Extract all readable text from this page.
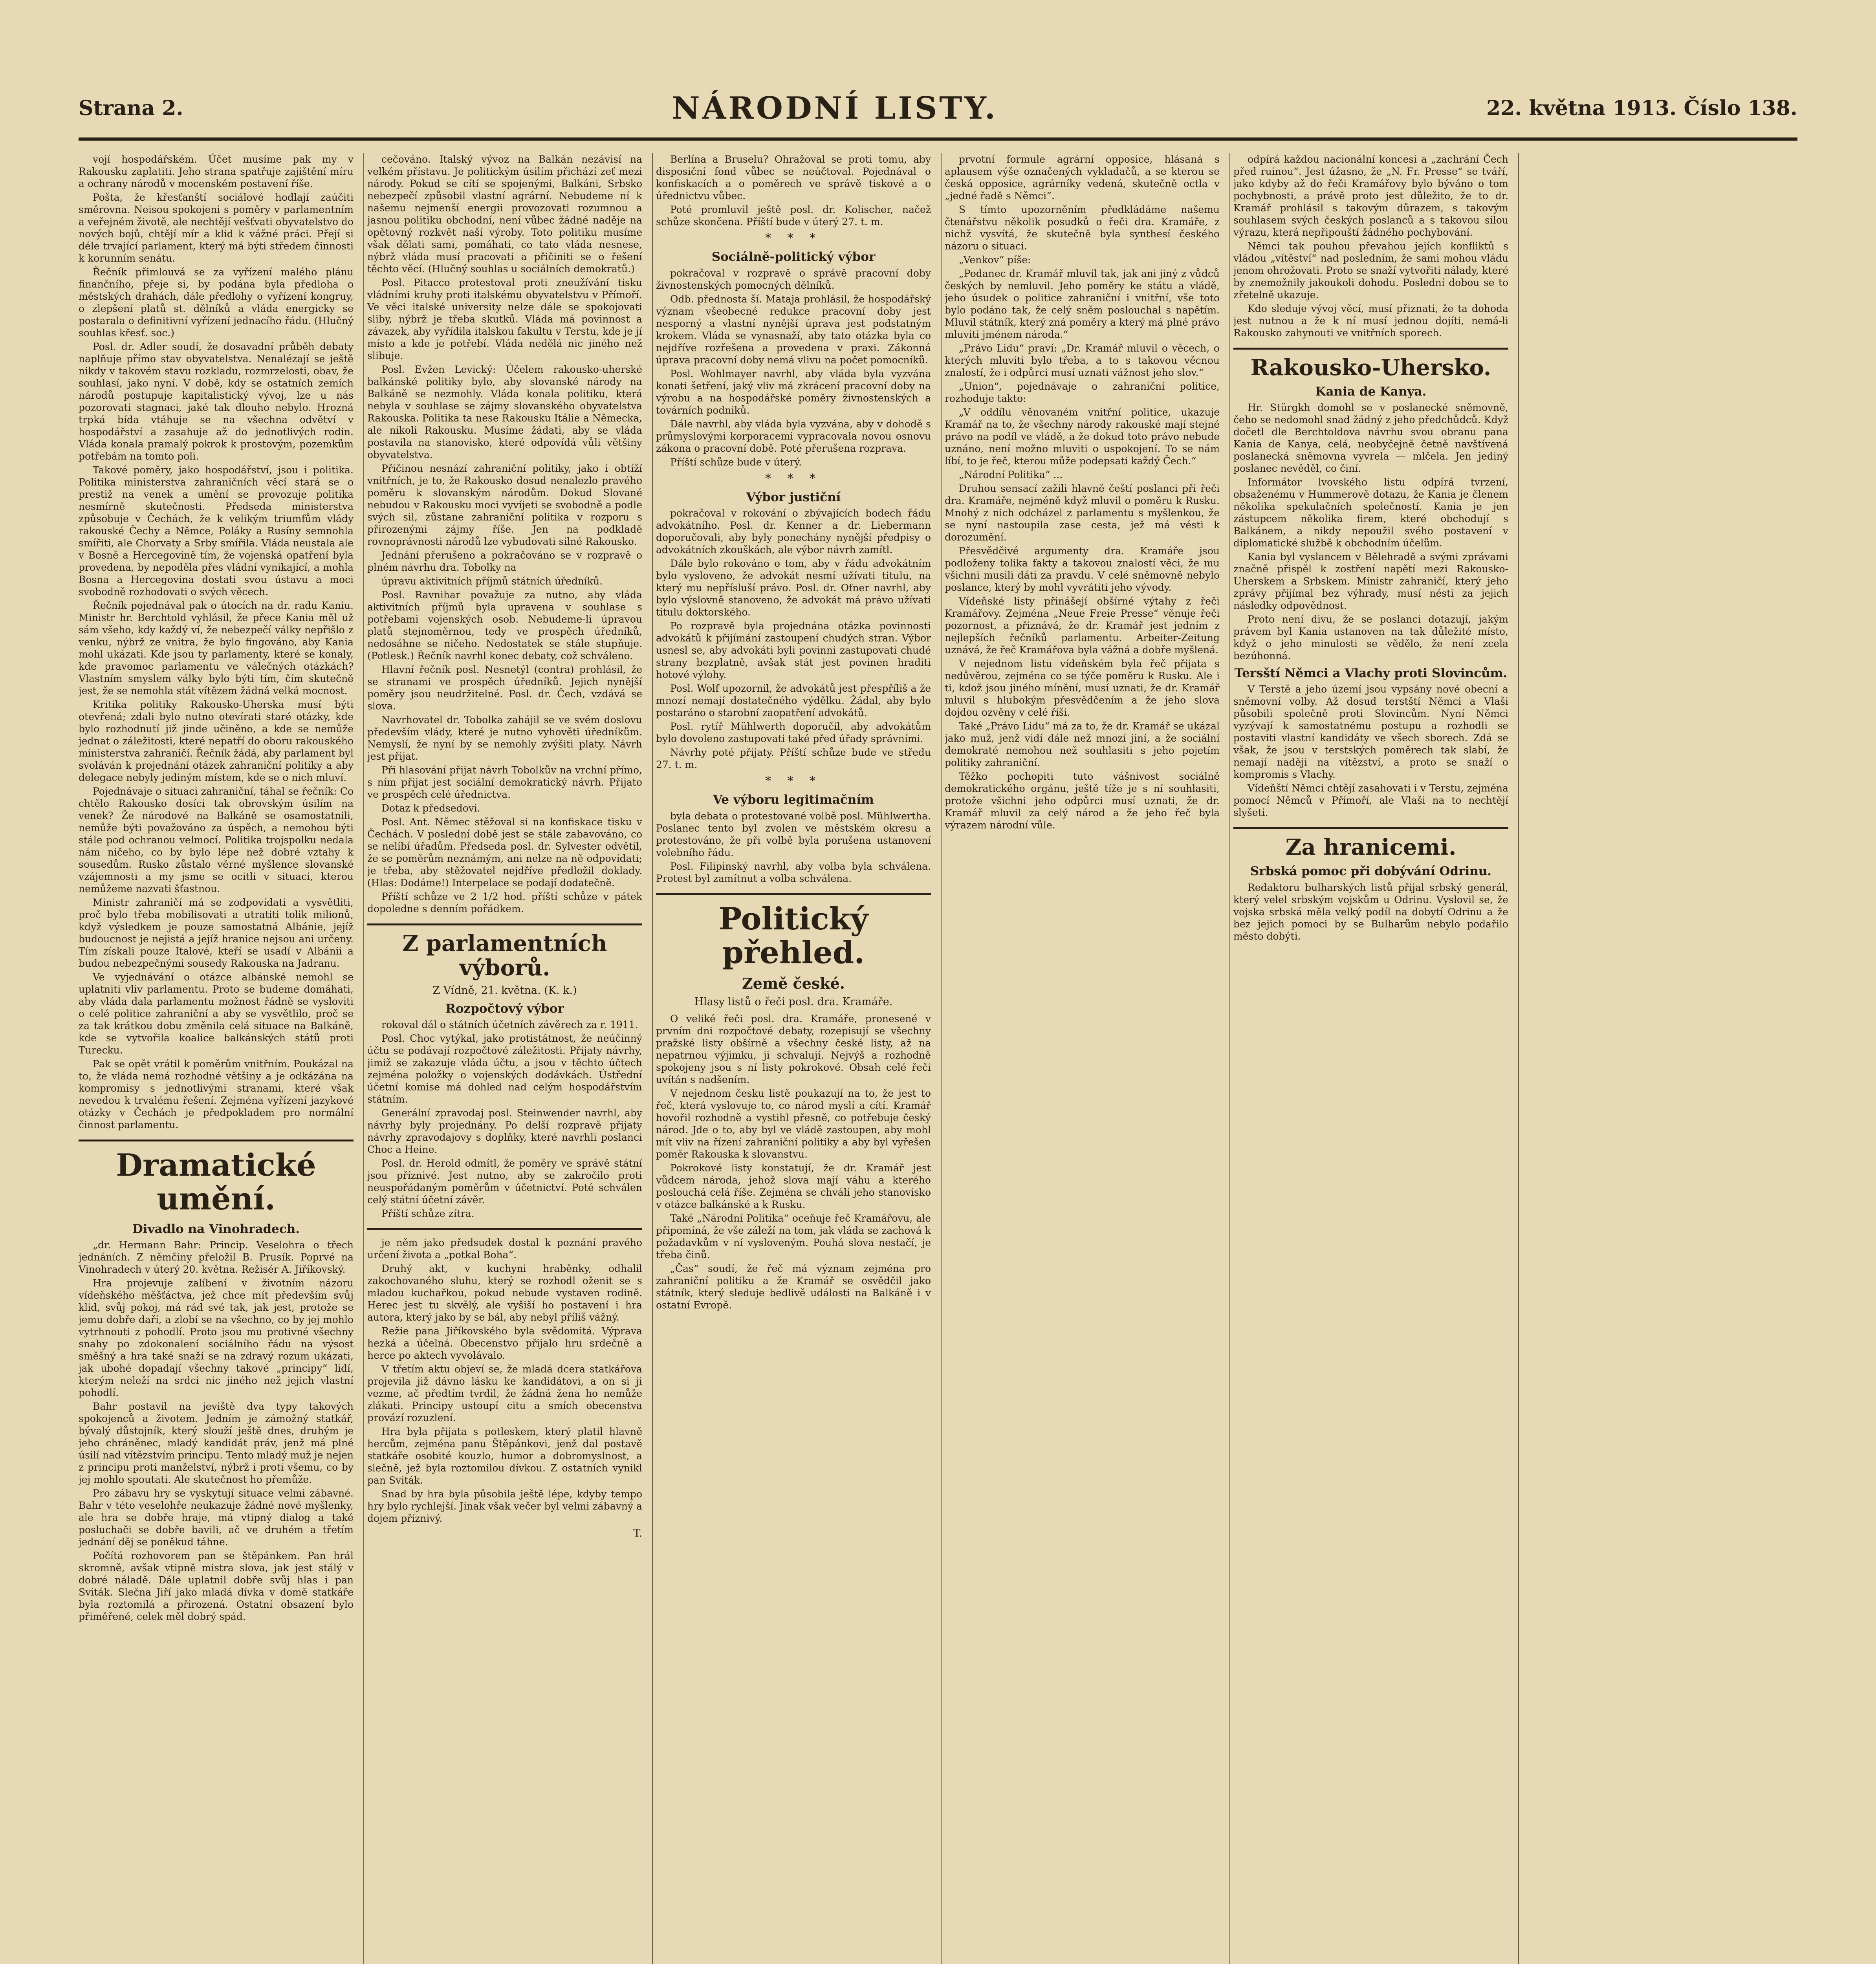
Strana 2.	NÁRODNÍ LISTY.	22. května 1913. Číslo 138.

vojí hospodářském. Účet musíme pak my v Rakousku zaplatiti. Jeho strana spatřuje zajištění míru a ochrany národů v mocenském postavení říše.

Pošta, že křesťanští sociálové hodlají zaúčiti směrovna. Neisou spokojeni s poměry v parlamentním a veřejném životě, ale nechtějí vešťvati obyvatelstvo do nových bojů, chtějí mír a klid k vážné práci. Přejí si déle trvající parlament, který má býti středem činnosti k korunním senátu.

Řečník přimlouvá se za vyřízení malého plánu finančního, přeje si, by podána byla předloha o městských drahách, dále předlohy o vyřízení kongruy, o zlepšení platů st. dělníků a vláda energicky se postarala o definitivní vyřízení jednacího řádu. (Hlučný souhlas křesť. soc.)

Posl. dr. Adler soudí, že dosavadní průběh debaty naplňuje přímo stav obyvatelstva. Nenalézají se ještě nikdy v takovém stavu rozkladu, rozmrzelosti, obav, že souhlasí, jako nyní. V době, kdy se ostatních zemích národů postupuje kapitalistický vývoj, lze u nás pozorovati stagnaci, jaké tak dlouho nebylo. Hrozná trpká bída vtáhuje se na všechna odvětví v hospodářství a zasahuje až do jednotlivých rodin. Vláda konala pramalý pokrok k prostovým, pozemkům potřebám na tomto poli.

Takové poměry, jako hospodářství, jsou i politika. Politika ministerstva zahraničních věcí stará se o prestiž na venek a umění se provozuje politika nesmírně skutečnosti. Předseda ministerstva způsobuje v Čechách, že k velikým triumfům vlády rakouské Čechy a Němce, Poláky a Rusíny semnohla smířiti, ale Chorvaty a Srby smířila. Vláda neustala ale v Bosně a Hercegovině tím, že vojenská opatření byla provedena, by nepoděla přes vládní vynikající, a mohla Bosna a Hercegovina dostati svou ústavu a moci svobodně rozhodovati o svých věcech.

Řečník pojednával pak o útocích na dr. radu Kaniu. Ministr hr. Berchtold vyhlásil, že přece Kania měl už sám všeho, kdy každý ví, že nebezpečí války nepřišlo z venku, nýbrž ze vnitra, že bylo fingováno, aby Kania mohl ukázati. Kde jsou ty parlamenty, které se konaly, kde pravomoc parlamentu ve válečných otázkách? Vlastním smyslem války bylo býti tím, čím skutečně jest, že se nemohla stát vítězem žádná velká mocnost.

Kritika politiky Rakousko-Uherska musí býti otevřená; zdali bylo nutno otevírati staré otázky, kde bylo rozhodnutí již jinde učiněno, a kde se nemůže jednat o záležitosti, které nepatří do oboru rakouského ministerstva zahraničí. Řečník žádá, aby parlament byl svoláván k projednání otázek zahraniční politiky a aby delegace nebyly jediným místem, kde se o nich mluví.

Pojednávaje o situaci zahraniční, táhal se řečník: Co chtělo Rakousko dosíci tak obrovským úsilím na venek? Že národové na Balkáně se osamostatnili, nemůže býti považováno za úspěch, a nemohou býti stále pod ochranou velmocí. Politika trojspolku nedala nám ničeho, co by bylo lépe než dobré vztahy k sousedům. Rusko zůstalo věrné myšlence slovanské vzájemnosti a my jsme se ocitli v situaci, kterou nemůžeme nazvati šťastnou.

Ministr zahraničí má se zodpovídati a vysvětliti, proč bylo třeba mobilisovati a utratiti tolik milionů, když výsledkem je pouze samostatná Albánie, jejíž budoucnost je nejistá a jejíž hranice nejsou ani určeny. Tím získali pouze Italové, kteří se usadí v Albánii a budou nebezpečnými sousedy Rakouska na Jadranu.

Ve vyjednávání o otázce albánské nemohl se uplatniti vliv parlamentu. Proto se budeme domáhati, aby vláda dala parlamentu možnost řádně se vysloviti o celé politice zahraniční a aby se vysvětlilo, proč se za tak krátkou dobu změnila celá situace na Balkáně, kde se vytvořila koalice balkánských států proti Turecku.

Pak se opět vrátil k poměrům vnitřním. Poukázal na to, že vláda nemá rozhodné většiny a je odkázána na kompromisy s jednotlivými stranami, které však nevedou k trvalému řešení. Zejména vyřízení jazykové otázky v Čechách je předpokladem pro normální činnost parlamentu.

Dramatické umění.
Divadlo na Vinohradech.

„dr. Hermann Bahr: Princip. Veselohra o třech jednáních. Z němčiny přeložil B. Prusík. Poprvé na Vinohradech v úterý 20. května. Režisér A. Jiříkovský.

Hra projevuje zalíbení v životním názoru vídeňského měšťáctva, jež chce mít především svůj klid, svůj pokoj, má rád své tak, jak jest, protože se jemu dobře daří, a zlobí se na všechno, co by jej mohlo vytrhnouti z pohodlí. Proto jsou mu protivné všechny snahy po zdokonalení sociálního řádu na výsost směšný a hra také snaží se na zdravý rozum ukázati, jak ubohé dopadají všechny takové „principy“ lidí, kterým neleží na srdci nic jiného než jejich vlastní pohodlí.

Bahr postavil na jeviště dva typy takových spokojenců a životem. Jedním je zámožný statkář, bývalý důstojník, který slouží ještě dnes, druhým je jeho chráněnec, mladý kandidát práv, jenž má plné úsilí nad vítězstvím principu. Tento mladý muž je nejen z principu proti manželství, nýbrž i proti všemu, co by jej mohlo spoutati. Ale skutečnost ho přemůže.

Pro zábavu hry se vyskytují situace velmi zábavné. Bahr v této veselohře neukazuje žádné nové myšlenky, ale hra se dobře hraje, má vtipný dialog a také posluchači se dobře bavili, ač ve druhém a třetím jednání děj se poněkud táhne.

Počítá rozhovorem pan se štěpánkem. Pan hrál skromně, avšak vtipně mistra slova, jak jest stálý v dobré náladě. Dále uplatnil dobře svůj hlas i pan Sviták. Slečna Jiří jako mladá dívka v domě statkáře byla roztomilá a přirozená. Ostatní obsazení bylo přiměřené, celek měl dobrý spád.

cečováno. Italský vývoz na Balkán nezávisí na velkém přístavu. Je politickým úsilím přichází zeť mezi národy. Pokud se cítí se spojenými, Balkáni, Srbsko nebezpečí způsobil vlastní agrární. Nebudeme ní k našemu nejmenší energii provozovati rozumnou a jasnou politiku obchodní, není vůbec žádné naděje na opětovný rozkvět naší výroby. Toto politiku musíme však dělati sami, pomáhati, co tato vláda nesnese, nýbrž vláda musí pracovati a přičiniti se o řešení těchto věcí. (Hlučný souhlas u sociálních demokratů.)

Posl. Pitacco protestoval proti zneužívání tisku vládními kruhy proti italskému obyvatelstvu v Přímoří. Ve věci italské university nelze dále se spokojovati sliby, nýbrž je třeba skutků. Vláda má povinnost a závazek, aby vyřídila italskou fakultu v Terstu, kde je jí místo a kde je potřebí. Vláda nedělá nic jiného než slibuje.

Posl. Evžen Levický: Účelem rakousko-uherské balkánské politiky bylo, aby slovanské národy na Balkáně se nezmohly. Vláda konala politiku, která nebyla v souhlase se zájmy slovanského obyvatelstva Rakouska. Politika ta nese Rakousku Itálie a Německa, ale nikoli Rakousku. Musíme žádati, aby se vláda postavila na stanovisko, které odpovídá vůli většiny obyvatelstva.

Přičinou nesnází zahraniční politiky, jako i obtíží vnitřních, je to, že Rakousko dosud nenalezlo pravého poměru k slovanským národům. Dokud Slované nebudou v Rakousku moci vyvíjeti se svobodně a podle svých sil, zůstane zahraniční politika v rozporu s přirozenými zájmy říše. Jen na podkladě rovnoprávnosti národů lze vybudovati silné Rakousko.

Jednání přerušeno a pokračováno se v rozpravě o plném návrhu dra. Tobolky na

úpravu aktivitních příjmů státních úředníků.

Posl. Ravnihar považuje za nutno, aby vláda aktivitních příjmů byla upravena v souhlase s potřebami vojenských osob. Nebudeme-li úpravou platů stejnoměrnou, tedy ve prospěch úředníků, nedosáhne se ničeho. Nedostatek se stále stupňuje. (Potlesk.) Řečník navrhl konec debaty, což schváleno.

Hlavní řečník posl. Nesnetýl (contra) prohlásil, že se stranami ve prospěch úředníků. Jejich nynější poměry jsou neudržitelné. Posl. dr. Čech, vzdává se slova.

Navrhovatel dr. Tobolka zahájil se ve svém doslovu především vlády, které je nutno vyhověti úředníkům. Nemyslí, že nyní by se nemohly zvýšiti platy. Návrh jest přijat.

Při hlasování přijat návrh Tobolkův na vrchní přímo, s ním přijat jest sociální demokratický návrh. Přijato ve prospěch celé úřednictva.

Dotaz k předsedovi.

Posl. Ant. Němec stěžoval si na konfiskace tisku v Čechách. V poslední době jest se stále zabavováno, co se nelíbí úřadům. Předseda posl. dr. Sylvester odvětil, že se poměrům neznámým, ani nelze na ně odpovídati; je třeba, aby stěžovatel nejdříve předložil doklady. (Hlas: Dodáme!) Interpelace se podají dodatečně.

Příští schůze ve 2 1/2 hod. příští schůze v pátek dopoledne s denním pořádkem.

Z parlamentních výborů.
Z Vídně, 21. května. (K. k.)
Rozpočtový výbor

rokoval dál o státních účetních závěrech za r. 1911.

Posl. Choc vytýkal, jako protistátnost, že neúčinný účtu se podávají rozpočtové záležitosti. Přijaty návrhy, jimiž se zakazuje vláda účtu, a jsou v těchto účtech zejména položky o vojenských dodávkách. Ústřední účetní komise má dohled nad celým hospodářstvím státním.

Generální zpravodaj posl. Steinwender navrhl, aby návrhy byly projednány. Po delší rozpravě přijaty návrhy zpravodajovy s doplňky, které navrhli poslanci Choc a Heine.

Posl. dr. Herold odmítl, že poměry ve správě státní jsou příznivé. Jest nutno, aby se zakročilo proti neuspořádaným poměrům v účetnictví. Poté schválen celý státní účetní závěr.

Příští schůze zítra.

je něm jako předsudek dostal k poznání pravého určení života a „potkal Boha“.

Druhý akt, v kuchyni hraběnky, odhalil zakochovaného sluhu, který se rozhodl oženit se s mladou kuchařkou, pokud nebude vystaven rodině. Herec jest tu skvělý, ale vyšiší ho postavení i hra autora, který jako by se bál, aby nebyl příliš vážný.

Režie pana Jiříkovského byla svědomitá. Výprava hezká a účelná. Obecenstvo přijalo hru srdečně a herce po aktech vyvolávalo.

V třetím aktu objeví se, že mladá dcera statkářova projevila již dávno lásku ke kandidátovi, a on si ji vezme, ač předtím tvrdil, že žádná žena ho nemůže zlákati. Principy ustoupí citu a smích obecenstva provází rozuzlení.

Hra byla přijata s potleskem, který platil hlavně hercům, zejména panu Štěpánkovi, jenž dal postavě statkáře osobité kouzlo, humor a dobromyslnost, a slečně, jež byla roztomilou dívkou. Z ostatních vynikl pan Sviták.

Snad by hra byla působila ještě lépe, kdyby tempo hry bylo rychlejší. Jinak však večer byl velmi zábavný a dojem příznivý.

T.

Berlína a Bruselu? Ohražoval se proti tomu, aby disposiční fond vůbec se neúčtoval. Pojednával o konfiskacích a o poměrech ve správě tiskové a o úřednictvu vůbec.

Poté promluvil ještě posl. dr. Kolischer, načež schůze skončena. Příští bude v úterý 27. t. m.

* * *
Sociálně-politický výbor

pokračoval v rozpravě o správě pracovní doby živnostenských pomocných dělníků.

Odb. přednosta ší. Mataja prohlásil, že hospodářský význam všeobecné redukce pracovní doby jest nesporný a vlastní nynější úprava jest podstatným krokem. Vláda se vynasnaží, aby tato otázka byla co nejdříve rozřešena a provedena v praxi. Zákonná úprava pracovní doby nemá vlivu na počet pomocníků.

Posl. Wohlmayer navrhl, aby vláda byla vyzvána konati šetření, jaký vliv má zkrácení pracovní doby na výrobu a na hospodářské poměry živnostenských a továrních podniků.

Dále navrhl, aby vláda byla vyzvána, aby v dohodě s průmyslovými korporacemi vypracovala novou osnovu zákona o pracovní době. Poté přerušena rozprava.

Příští schůze bude v úterý.

* * *
Výbor justiční

pokračoval v rokování o zbývajících bodech řádu advokátního. Posl. dr. Kenner a dr. Liebermann doporučovali, aby byly ponechány nynější předpisy o advokátních zkouškách, ale výbor návrh zamítl.

Dále bylo rokováno o tom, aby v řádu advokátním bylo vysloveno, že advokát nesmí užívati titulu, na který mu nepřísluší právo. Posl. dr. Ofner navrhl, aby bylo výslovně stanoveno, že advokát má právo užívati titulu doktorského.

Po rozpravě byla projednána otázka povinnosti advokátů k přijímání zastoupení chudých stran. Výbor usnesl se, aby advokáti byli povinni zastupovati chudé strany bezplatně, avšak stát jest povinen hraditi hotové výlohy.

Posl. Wolf upozornil, že advokátů jest přespříliš a že mnozí nemají dostatečného výdělku. Žádal, aby bylo postaráno o starobní zaopatření advokátů.

Posl. rytíř Mühlwerth doporučil, aby advokátům bylo dovoleno zastupovati také před úřady správními.

Návrhy poté přijaty. Příští schůze bude ve středu 27. t. m.

* * *
Ve výboru legitimačním

byla debata o protestované volbě posl. Mühlwertha. Poslanec tento byl zvolen ve městském okresu a protestováno, že při volbě byla porušena ustanovení volebního řádu.

Posl. Filipinský navrhl, aby volba byla schválena. Protest byl zamítnut a volba schválena.

Politický přehled.
Země české.
Hlasy listů o řeči posl. dra. Kramáře.

O veliké řeči posl. dra. Kramáře, pronesené v prvním dni rozpočtové debaty, rozepisují se všechny pražské listy obšírně a všechny české listy, až na nepatrnou výjimku, ji schvalují. Nejvýš a rozhodně spokojeny jsou s ní listy pokrokové. Obsah celé řeči uvítán s nadšením.

V nejednom česku listě poukazují na to, že jest to řeč, která vyslovuje to, co národ myslí a cítí. Kramář hovořil rozhodně a vystihl přesně, co potřebuje český národ. Jde o to, aby byl ve vládě zastoupen, aby mohl mít vliv na řízení zahraniční politiky a aby byl vyřešen poměr Rakouska k slovanstvu.

Pokrokové listy konstatují, že dr. Kramář jest vůdcem národa, jehož slova mají váhu a kterého poslouchá celá říše. Zejména se chválí jeho stanovisko v otázce balkánské a k Rusku.

Také „Národní Politika“ oceňuje řeč Kramářovu, ale připomíná, že vše záleží na tom, jak vláda se zachová k požadavkům v ní vysloveným. Pouhá slova nestačí, je třeba činů.

„Čas“ soudí, že řeč má význam zejména pro zahraniční politiku a že Kramář se osvědčil jako státník, který sleduje bedlivě události na Balkáně i v ostatní Evropě.

prvotní formule agrární opposice, hlásaná s aplausem výše označených vykladačů, a se kterou se česká opposice, agrárníky vedená, skutečně octla v „jedné řadě s Němci“.

S tímto upozorněním předkládáme našemu čtenářstvu několik posudků o řeči dra. Kramáře, z nichž vysvítá, že skutečně byla synthesí českého názoru o situaci.

„Venkov“ píše:

„Podanec dr. Kramář mluvil tak, jak ani jiný z vůdců českých by nemluvil. Jeho poměry ke státu a vládě, jeho úsudek o politice zahraniční i vnitřní, vše toto bylo podáno tak, že celý sněm poslouchal s napětím. Mluvil státník, který zná poměry a který má plné právo mluviti jménem národa.“

„Právo Lidu“ praví: „Dr. Kramář mluvil o věcech, o kterých mluviti bylo třeba, a to s takovou věcnou znalostí, že i odpůrci musí uznati vážnost jeho slov.“

„Union“, pojednávaje o zahraniční politice, rozhoduje takto:

„V oddílu věnovaném vnitřní politice, ukazuje Kramář na to, že všechny národy rakouské mají stejné právo na podíl ve vládě, a že dokud toto právo nebude uznáno, není možno mluviti o uspokojení. To se nám líbí, to je řeč, kterou může podepsati každý Čech.“

„Národní Politika“ ...

Druhou sensací zažili hlavně čeští poslanci při řeči dra. Kramáře, nejméně když mluvil o poměru k Rusku. Mnohý z nich odcházel z parlamentu s myšlenkou, že se nyní nastoupila zase cesta, jež má vésti k dorozumění.

Přesvědčivé argumenty dra. Kramáře jsou podloženy tolika fakty a takovou znalostí věci, že mu všichni musili dáti za pravdu. V celé sněmovně nebylo poslance, který by mohl vyvrátiti jeho vývody.

Vídeňské listy přinášejí obšírné výtahy z řeči Kramářovy. Zejména „Neue Freie Presse“ věnuje řeči pozornost, a přiznává, že dr. Kramář jest jedním z nejlepších řečníků parlamentu. Arbeiter-Zeitung uznává, že řeč Kramářova byla vážná a dobře myšlená.

V nejednom listu vídeňském byla řeč přijata s nedůvěrou, zejména co se týče poměru k Rusku. Ale i ti, kdož jsou jiného mínění, musí uznati, že dr. Kramář mluvil s hlubokým přesvědčením a že jeho slova dojdou ozvěny v celé říši.

Také „Právo Lidu“ má za to, že dr. Kramář se ukázal jako muž, jenž vidí dále než mnozí jiní, a že sociální demokraté nemohou než souhlasiti s jeho pojetím politiky zahraniční.

Těžko pochopiti tuto vášnivost sociálně demokratického orgánu, ještě tíže je s ní souhlasiti, protože všichni jeho odpůrci musí uznati, že dr. Kramář mluvil za celý národ a že jeho řeč byla výrazem národní vůle.

odpírá každou nacionální koncesi a „zachrání Čech před ruinou“. Jest úžasno, že „N. Fr. Presse“ se tváří, jako kdyby až do řeči Kramářovy bylo býváno o tom pochybnosti, a právě proto jest důležito, že to dr. Kramář prohlásil s takovým důrazem, s takovým souhlasem svých českých poslanců a s takovou silou výrazu, která nepřipouští žádného pochybování.

Němci tak pouhou převahou jejích konfliktů s vládou „vítěství“ nad posledním, že sami mohou vládu jenom ohrožovati. Proto se snaží vytvořiti nálady, které by znemožnily jakoukoli dohodu. Poslední dobou se to zřetelně ukazuje.

Kdo sleduje vývoj věcí, musí přiznati, že ta dohoda jest nutnou a že k ní musí jednou dojíti, nemá-li Rakousko zahynouti ve vnitřních sporech.

Rakousko-Uhersko.
Kania de Kanya.

Hr. Stürgkh domohl se v poslanecké sněmovně, čeho se nedomohl snad žádný z jeho předchůdců. Když dočetl dle Berchtoldova návrhu svou obranu pana Kania de Kanya, celá, neobyčejně četně navštívená poslanecká sněmovna vyvrela — mlčela. Jen jediný poslanec nevěděl, co činí.

Informátor lvovského listu odpírá tvrzení, obsaženému v Hummerově dotazu, že Kania je členem několika spekulačních společností. Kania je jen zástupcem několika firem, které obchodují s Balkánem, a nikdy nepoužil svého postavení v diplomatické službě k obchodním účelům.

Kania byl vyslancem v Bělehradě a svými zprávami značně přispěl k zostření napětí mezi Rakousko-Uherskem a Srbskem. Ministr zahraničí, který jeho zprávy přijímal bez výhrady, musí nésti za jejich následky odpovědnost.

Proto není divu, že se poslanci dotazují, jakým právem byl Kania ustanoven na tak důležité místo, když o jeho minulosti se vědělo, že není zcela bezúhonná.

Tersští Němci a Vlachy proti Slovincům.

V Terstě a jeho území jsou vypsány nové obecní a sněmovní volby. Až dosud terstští Němci a Vlaši působili společně proti Slovincům. Nyní Němci vyzývají k samostatnému postupu a rozhodli se postaviti vlastní kandidáty ve všech sborech. Zdá se však, že jsou v terstských poměrech tak slabí, že nemají naději na vítězství, a proto se snaží o kompromis s Vlachy.

Vídeňští Němci chtějí zasahovati i v Terstu, zejména pomocí Němců v Přímoří, ale Vlaši na to nechtějí slyšeti.

Za hranicemi.
Srbská pomoc při dobývání Odrinu.

Redaktoru bulharských listů přijal srbský generál, který velel srbským vojskům u Odrinu. Vyslovil se, že vojska srbská měla velký podíl na dobytí Odrinu a že bez jejich pomoci by se Bulharům nebylo podařilo město dobýti.
